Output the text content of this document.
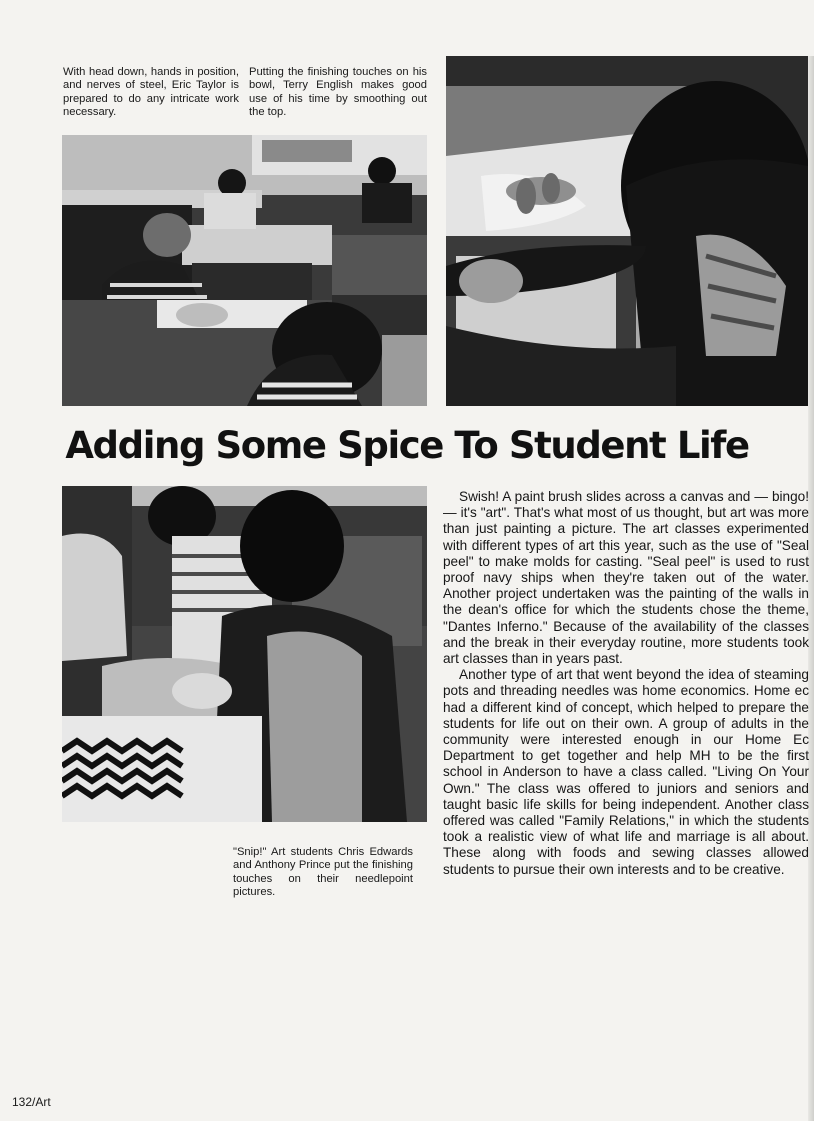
With head down, hands in position, and nerves of steel, Eric Taylor is prepared to do any intricate work necessary.
Putting the finishing touches on his bowl, Terry English makes good use of his time by smoothing out the top.
Adding Some Spice To Student Life
"Snip!" Art students Chris Edwards and Anthony Prince put the finishing touches on their needlepoint pictures.

Swish! A paint brush slides across a canvas and — bingo! — it's "art". That's what most of us thought, but art was more than just painting a picture. The art classes experimented with different types of art this year, such as the use of "Seal peel" to make molds for casting. "Seal peel" is used to rust proof navy ships when they're taken out of the water. Another project undertaken was the painting of the walls in the dean's office for which the students chose the theme, "Dantes Inferno." Because of the availability of the classes and the break in their everyday routine, more students took art classes than in years past.

Another type of art that went beyond the idea of steaming pots and threading needles was home economics. Home ec had a different kind of concept, which helped to prepare the students for life out on their own. A group of adults in the community were interested enough in our Home Ec Department to get together and help MH to be the first school in Anderson to have a class called. "Living On Your Own." The class was offered to juniors and seniors and taught basic life skills for being independent. Another class offered was called "Family Relations," in which the students took a realistic view of what life and marriage is all about. These along with foods and sewing classes allowed students to pursue their own interests and to be creative.

132/Art
